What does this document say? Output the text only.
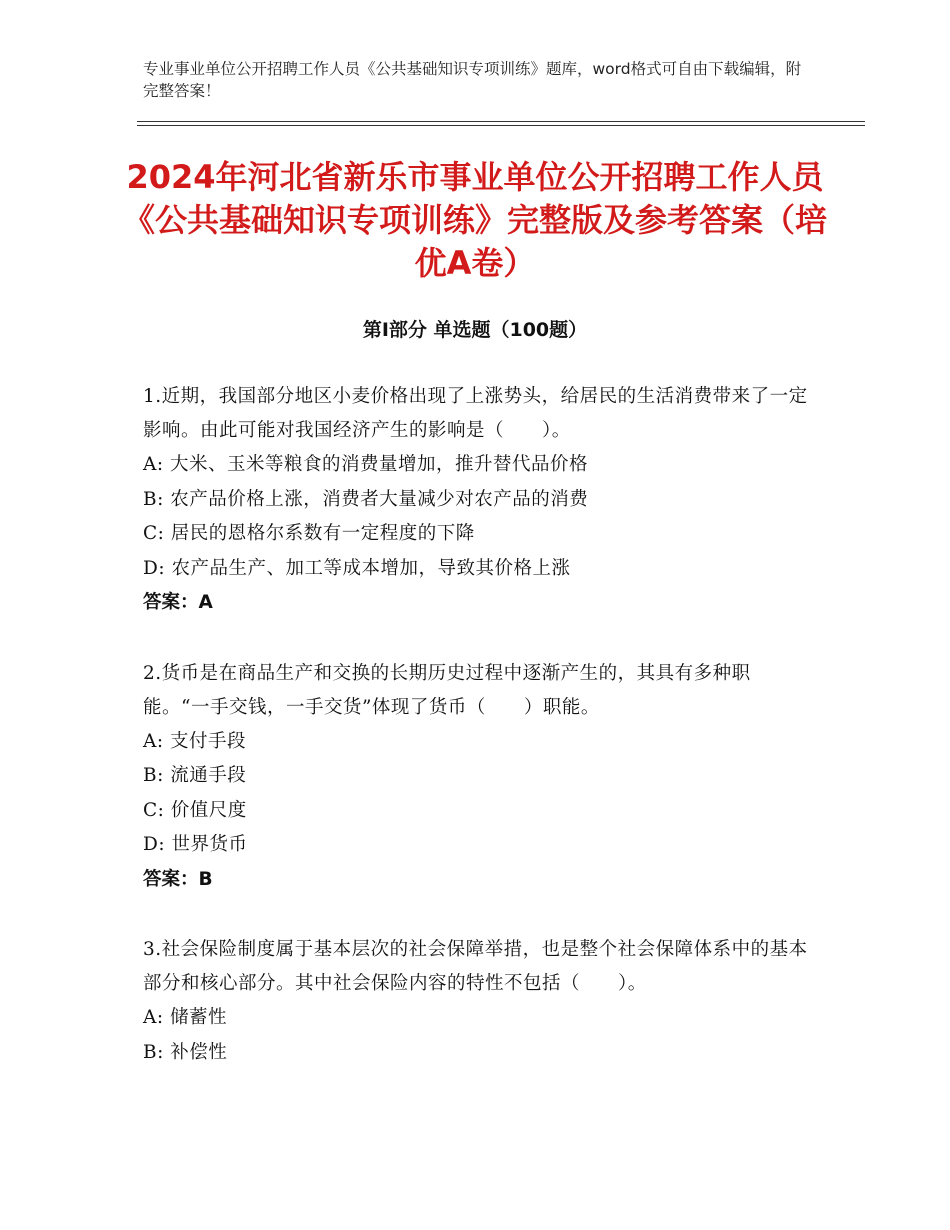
专业事业单位公开招聘工作人员《公共基础知识专项训练》题库，word格式可自由下载编辑，附完整答案！
2024年河北省新乐市事业单位公开招聘工作人员《公共基础知识专项训练》完整版及参考答案（培优A卷）
第I部分 单选题（100题）
1.近期，我国部分地区小麦价格出现了上涨势头，给居民的生活消费带来了一定影响。由此可能对我国经济产生的影响是（　　）。
A: 大米、玉米等粮食的消费量增加，推升替代品价格
B: 农产品价格上涨，消费者大量减少对农产品的消费
C: 居民的恩格尔系数有一定程度的下降
D: 农产品生产、加工等成本增加，导致其价格上涨
答案：A
2.货币是在商品生产和交换的长期历史过程中逐渐产生的，其具有多种职能。“一手交钱，一手交货”体现了货币（　　）职能。
A: 支付手段
B: 流通手段
C: 价值尺度
D: 世界货币
答案：B
3.社会保险制度属于基本层次的社会保障举措，也是整个社会保障体系中的基本部分和核心部分。其中社会保险内容的特性不包括（　　）。
A: 储蓄性
B: 补偿性
